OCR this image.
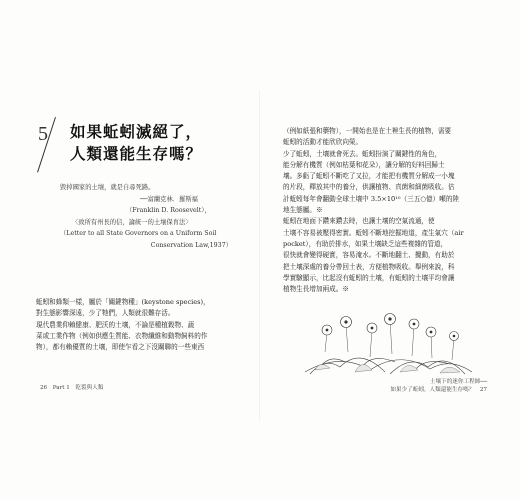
5 如果蚯蚓滅絕了，
人類還能生存嗎？
毀掉國家的土壤，就是自尋死路。
──富蘭克林．羅斯福
（Franklin D. Roosevelt），
〈致所有州長的信，論統一的土壤保育法〉
（Letter to all State Governors on a Uniform Soil
Conservation Law,1937）
蚯蚓和蜂類一樣，屬於「關鍵物種」(keystone species)，
對生態影響深遠，少了牠們，人類就很難存活。
現代農業仰賴健康、肥沃的土壤，不論是種植穀物、蔬
菜或工業作物（例如供應生質能、衣物纖維和動物飼料的作
物），都有賴優質的土壤，即使乍看之下沒關聯的一些東西
26　Part 1　乾裂與人類
（例如紙張和藥物），一開始也是在土裡生長的植物，需要
蚯蚓的活動才能欣欣向榮。
少了蚯蚓，土壤就會死去。蚯蚓扮演了關鍵性的角色，
能分解有機質（例如枯葉和花朵），讓分解的好料回歸土
壤。多虧了蚯蚓不斷吃了又拉，才能把有機質分解成一小塊
的片段，釋放其中的養分，供讓植物、真菌和細菌吸收。估
計蚯蚓每年會翻動全球土壤中 3.5×10¹⁰（三五○億）噸的陸
地生態屬。※
蚯蚓在地面下鑽來鑽去時，也讓土壤的空氣流通，使
土壤不容易被壓得密實。蚯蚓不斷地挖掘地道，產生氣穴（air
pocket），有助於排水，如果土壤缺乏這些複雜的管道，
很快就會變得硬實，容易淹水。不斷地翻土、攪動，有助於
把土壤深處的養分帶回土表，方便植物吸收。舉例來說，科
學實驗顯示，比起沒有蚯蚓的土壤，有蚯蚓的土壤平均會讓
植物生長增加兩成。※
土壤下的迷你工程師──
如果少了蚯蚓，人類還能生存嗎？　27
